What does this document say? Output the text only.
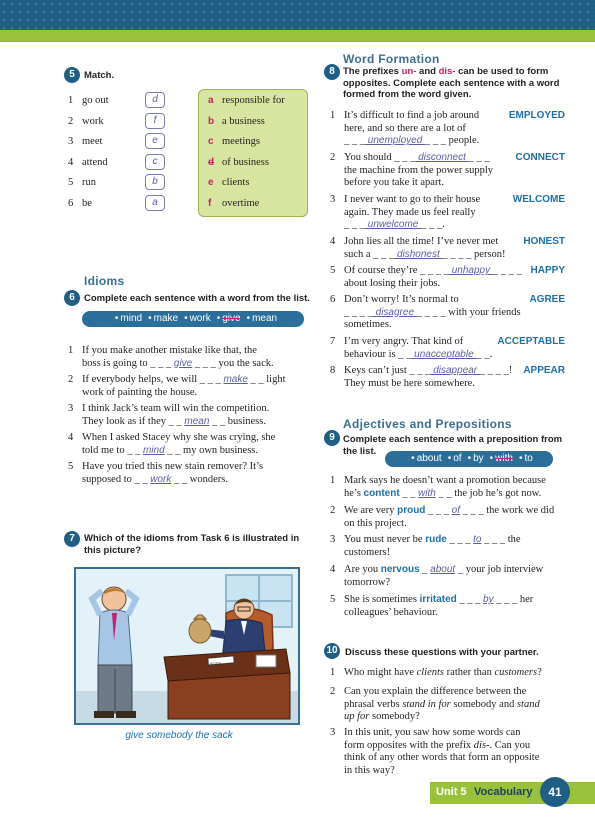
5 Match.
1 go out	d
2 work	f
3 meet	e
4 attend	c
5 run	b
6 be	a
a responsible for
b a business
c meetings
d of business
e clients
f overtime
Idioms
6 Complete each sentence with a word from the list.
• mind • make • work • give • mean
1 If you make another mistake like that, the
boss is going to _ _ _ give _ _ _ you the sack.
2 If everybody helps, we will _ _ _ make _ _ light
work of painting the house.
3 I think Jack’s team will win the competition.
They look as if they _ _ mean _ _ business.
4 When I asked Stacey why she was crying, she
told me to _ _ mind _ _ my own business.
5 Have you tried this new stain remover? It’s
supposed to _ _ work _ _ wonders.
7 Which of the idioms from Task 6 is illustrated in this picture?
BOSS
give somebody the sack
Word Formation
8 The prefixes un- and dis- can be used to form opposites. Complete each sentence with a word formed from the word given.
1 It’s difficult to find a job around
here, and so there are a lot of
_ _ _ unemployed _ _ _ people.
EMPLOYED
2 You should _ _ _ disconnect _ _ _
the machine from the power supply
before you take it apart.
CONNECT
3 I never want to go to their house
again. They made us feel really
_ _ _ unwelcome _ _ _.
WELCOME
4 John lies all the time! I’ve never met
such a _ _ _ dishonest _ _ _ _ person!
HONEST
5 Of course they’re _ _ _ _ unhappy _ _ _ _
about losing their jobs.
HAPPY
6 Don’t worry! It’s normal to
_ _ _ _ disagree _ _ _ _ with your friends
sometimes.
AGREE
7 I’m very angry. That kind of
behaviour is _ _ unacceptable _ _.
ACCEPTABLE
8 Keys can’t just _ _ _ disappear _ _ _ _!
They must be here somewhere.
APPEAR
Adjectives and Prepositions
9 Complete each sentence with a preposition from the list.
• about • of • by • with • to
1 Mark says he doesn’t want a promotion because
he’s content _ _ with _ _ the job he’s got now.
2 We are very proud _ _ _ of _ _ _ the work we did
on this project.
3 You must never be rude _ _ _ to _ _ _ the
customers!
4 Are you nervous _ about _ your job interview
tomorrow?
5 She is sometimes irritated _ _ _ by _ _ _ her
colleagues’ behaviour.
10 Discuss these questions with your partner.
1 Who might have clients rather than customers?
2 Can you explain the difference between the
phrasal verbs stand in for somebody and stand
up for somebody?
3 In this unit, you saw how some words can
form opposites with the prefix dis-. Can you
think of any other words that form an opposite
in this way?
Unit 5 Vocabulary	41
